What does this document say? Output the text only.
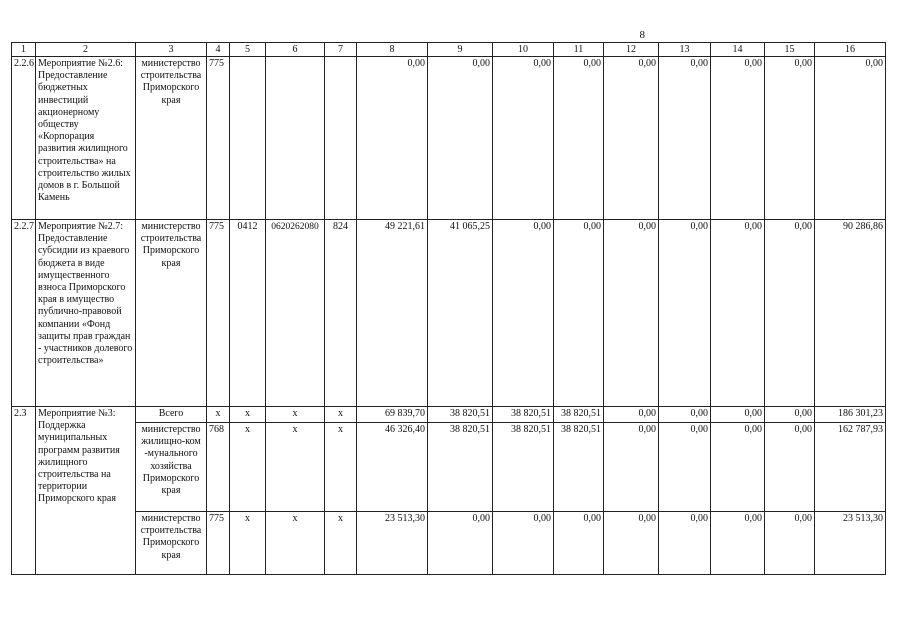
8
1	2	3	4	5	6	7	8	9	10	11	12	13	14	15	16
2.2.6	Мероприятие №2.6: Предоставление бюджетных инвестиций акционерному обществу «Корпорация развития жилищного строительства» на строительство жилых домов в г. Большой Камень	министерство строительства Приморского края	775				0,00	0,00	0,00	0,00	0,00	0,00	0,00	0,00	0,00
2.2.7	Мероприятие №2.7: Предоставление субсидии из краевого бюджета в виде имущественного взноса Приморского края в имущество публично-правовой компании «Фонд защиты прав граждан - участников долевого строительства»	министерство строительства Приморского края	775	0412	0620262080	824	49 221,61	41 065,25	0,00	0,00	0,00	0,00	0,00	0,00	90 286,86
2.3	Мероприятие №3: Поддержка муниципальных программ развития жилищного строительства на территории Приморского края	Всего	х	х	х	х	69 839,70	38 820,51	38 820,51	38 820,51	0,00	0,00	0,00	0,00	186 301,23
		министерство жилищно-ком -мунального хозяйства Приморского края	768	х	х	х	46 326,40	38 820,51	38 820,51	38 820,51	0,00	0,00	0,00	0,00	162 787,93
		министерство строительства Приморского края	775	х	х	х	23 513,30	0,00	0,00	0,00	0,00	0,00	0,00	0,00	23 513,30
